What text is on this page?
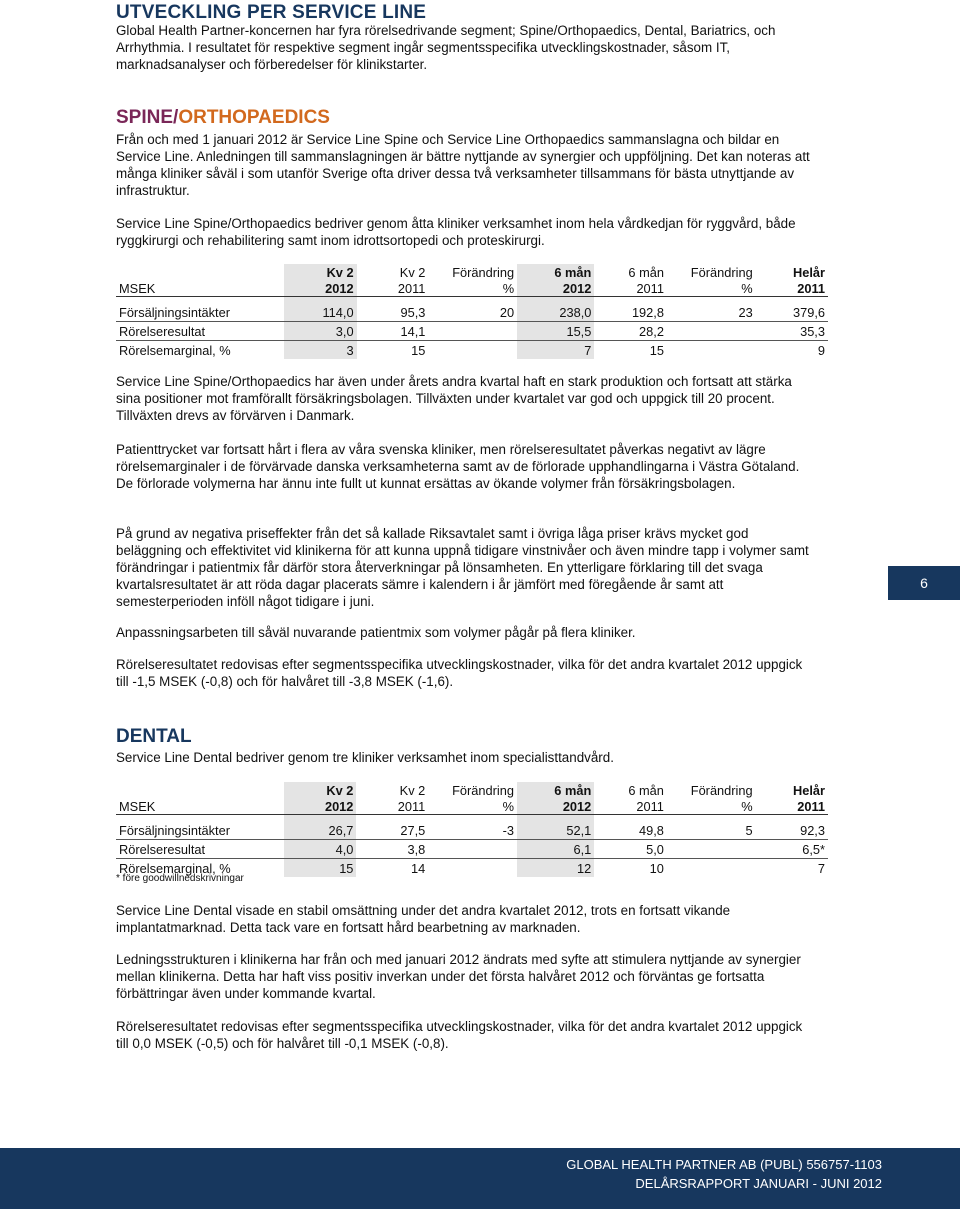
UTVECKLING PER SERVICE LINE
Global Health Partner-koncernen har fyra rörelsedrivande segment; Spine/Orthopaedics, Dental, Bariatrics, och Arrhythmia. I resultatet för respektive segment ingår segmentsspecifika utvecklingskostnader, såsom IT, marknadsanalyser och förberedelser för klinikstarter.
SPINE/ORTHOPAEDICS
Från och med 1 januari 2012 är Service Line Spine och Service Line Orthopaedics sammanslagna och bildar en Service Line. Anledningen till sammanslagningen är bättre nyttjande av synergier och uppföljning. Det kan noteras att många kliniker såväl i som utanför Sverige ofta driver dessa två verksamheter tillsammans för bästa utnyttjande av infrastruktur.
Service Line Spine/Orthopaedics bedriver genom åtta kliniker verksamhet inom hela vårdkedjan för ryggvård, både ryggkirurgi och rehabilitering samt inom idrottsortopedi och proteskirurgi.
	Kv 2	Kv 2	Förändring	6 mån	6 mån	Förändring	Helår
MSEK	2012	2011	%	2012	2011	%	2011

Försäljningsintäkter	114,0	95,3	20	238,0	192,8	23	379,6
Rörelseresultat	3,0	14,1		15,5	28,2		35,3
Rörelsemarginal, %	3	15		7	15		9
Service Line Spine/Orthopaedics har även under årets andra kvartal haft en stark produktion och fortsatt att stärka sina positioner mot framförallt försäkringsbolagen. Tillväxten under kvartalet var god och uppgick till 20 procent. Tillväxten drevs av förvärven i Danmark.
Patienttrycket var fortsatt hårt i flera av våra svenska kliniker, men rörelseresultatet påverkas negativt av lägre rörelsemarginaler i de förvärvade danska verksamheterna samt av de förlorade upphandlingarna i Västra Götaland. De förlorade volymerna har ännu inte fullt ut kunnat ersättas av ökande volymer från försäkringsbolagen.
På grund av negativa priseffekter från det så kallade Riksavtalet samt i övriga låga priser krävs mycket god beläggning och effektivitet vid klinikerna för att kunna uppnå tidigare vinstnivåer och även mindre tapp i volymer samt förändringar i patientmix får därför stora återverkningar på lönsamheten. En ytterligare förklaring till det svaga kvartalsresultatet är att röda dagar placerats sämre i kalendern i år jämfört med föregående år samt att semesterperioden inföll något tidigare i juni.
Anpassningsarbeten till såväl nuvarande patientmix som volymer pågår på flera kliniker.
Rörelseresultatet redovisas efter segmentsspecifika utvecklingskostnader, vilka för det andra kvartalet 2012 uppgick till -1,5 MSEK (-0,8) och för halvåret till -3,8 MSEK (-1,6).
DENTAL
Service Line Dental bedriver genom tre kliniker verksamhet inom specialisttandvård.
	Kv 2	Kv 2	Förändring	6 mån	6 mån	Förändring	Helår
MSEK	2012	2011	%	2012	2011	%	2011

Försäljningsintäkter	26,7	27,5	-3	52,1	49,8	5	92,3
Rörelseresultat	4,0	3,8		6,1	5,0		6,5*
Rörelsemarginal, %	15	14		12	10		7
* före goodwillnedskrivningar
Service Line Dental visade en stabil omsättning under det andra kvartalet 2012, trots en fortsatt vikande implantatmarknad. Detta tack vare en fortsatt hård bearbetning av marknaden.
Ledningsstrukturen i klinikerna har från och med januari 2012 ändrats med syfte att stimulera nyttjande av synergier mellan klinikerna. Detta har haft viss positiv inverkan under det första halvåret 2012 och förväntas ge fortsatta förbättringar även under kommande kvartal.
Rörelseresultatet redovisas efter segmentsspecifika utvecklingskostnader, vilka för det andra kvartalet 2012 uppgick till 0,0 MSEK (-0,5) och för halvåret till -0,1 MSEK (-0,8).
6
GLOBAL HEALTH PARTNER AB (PUBL) 556757-1103
DELÅRSRAPPORT JANUARI - JUNI 2012
